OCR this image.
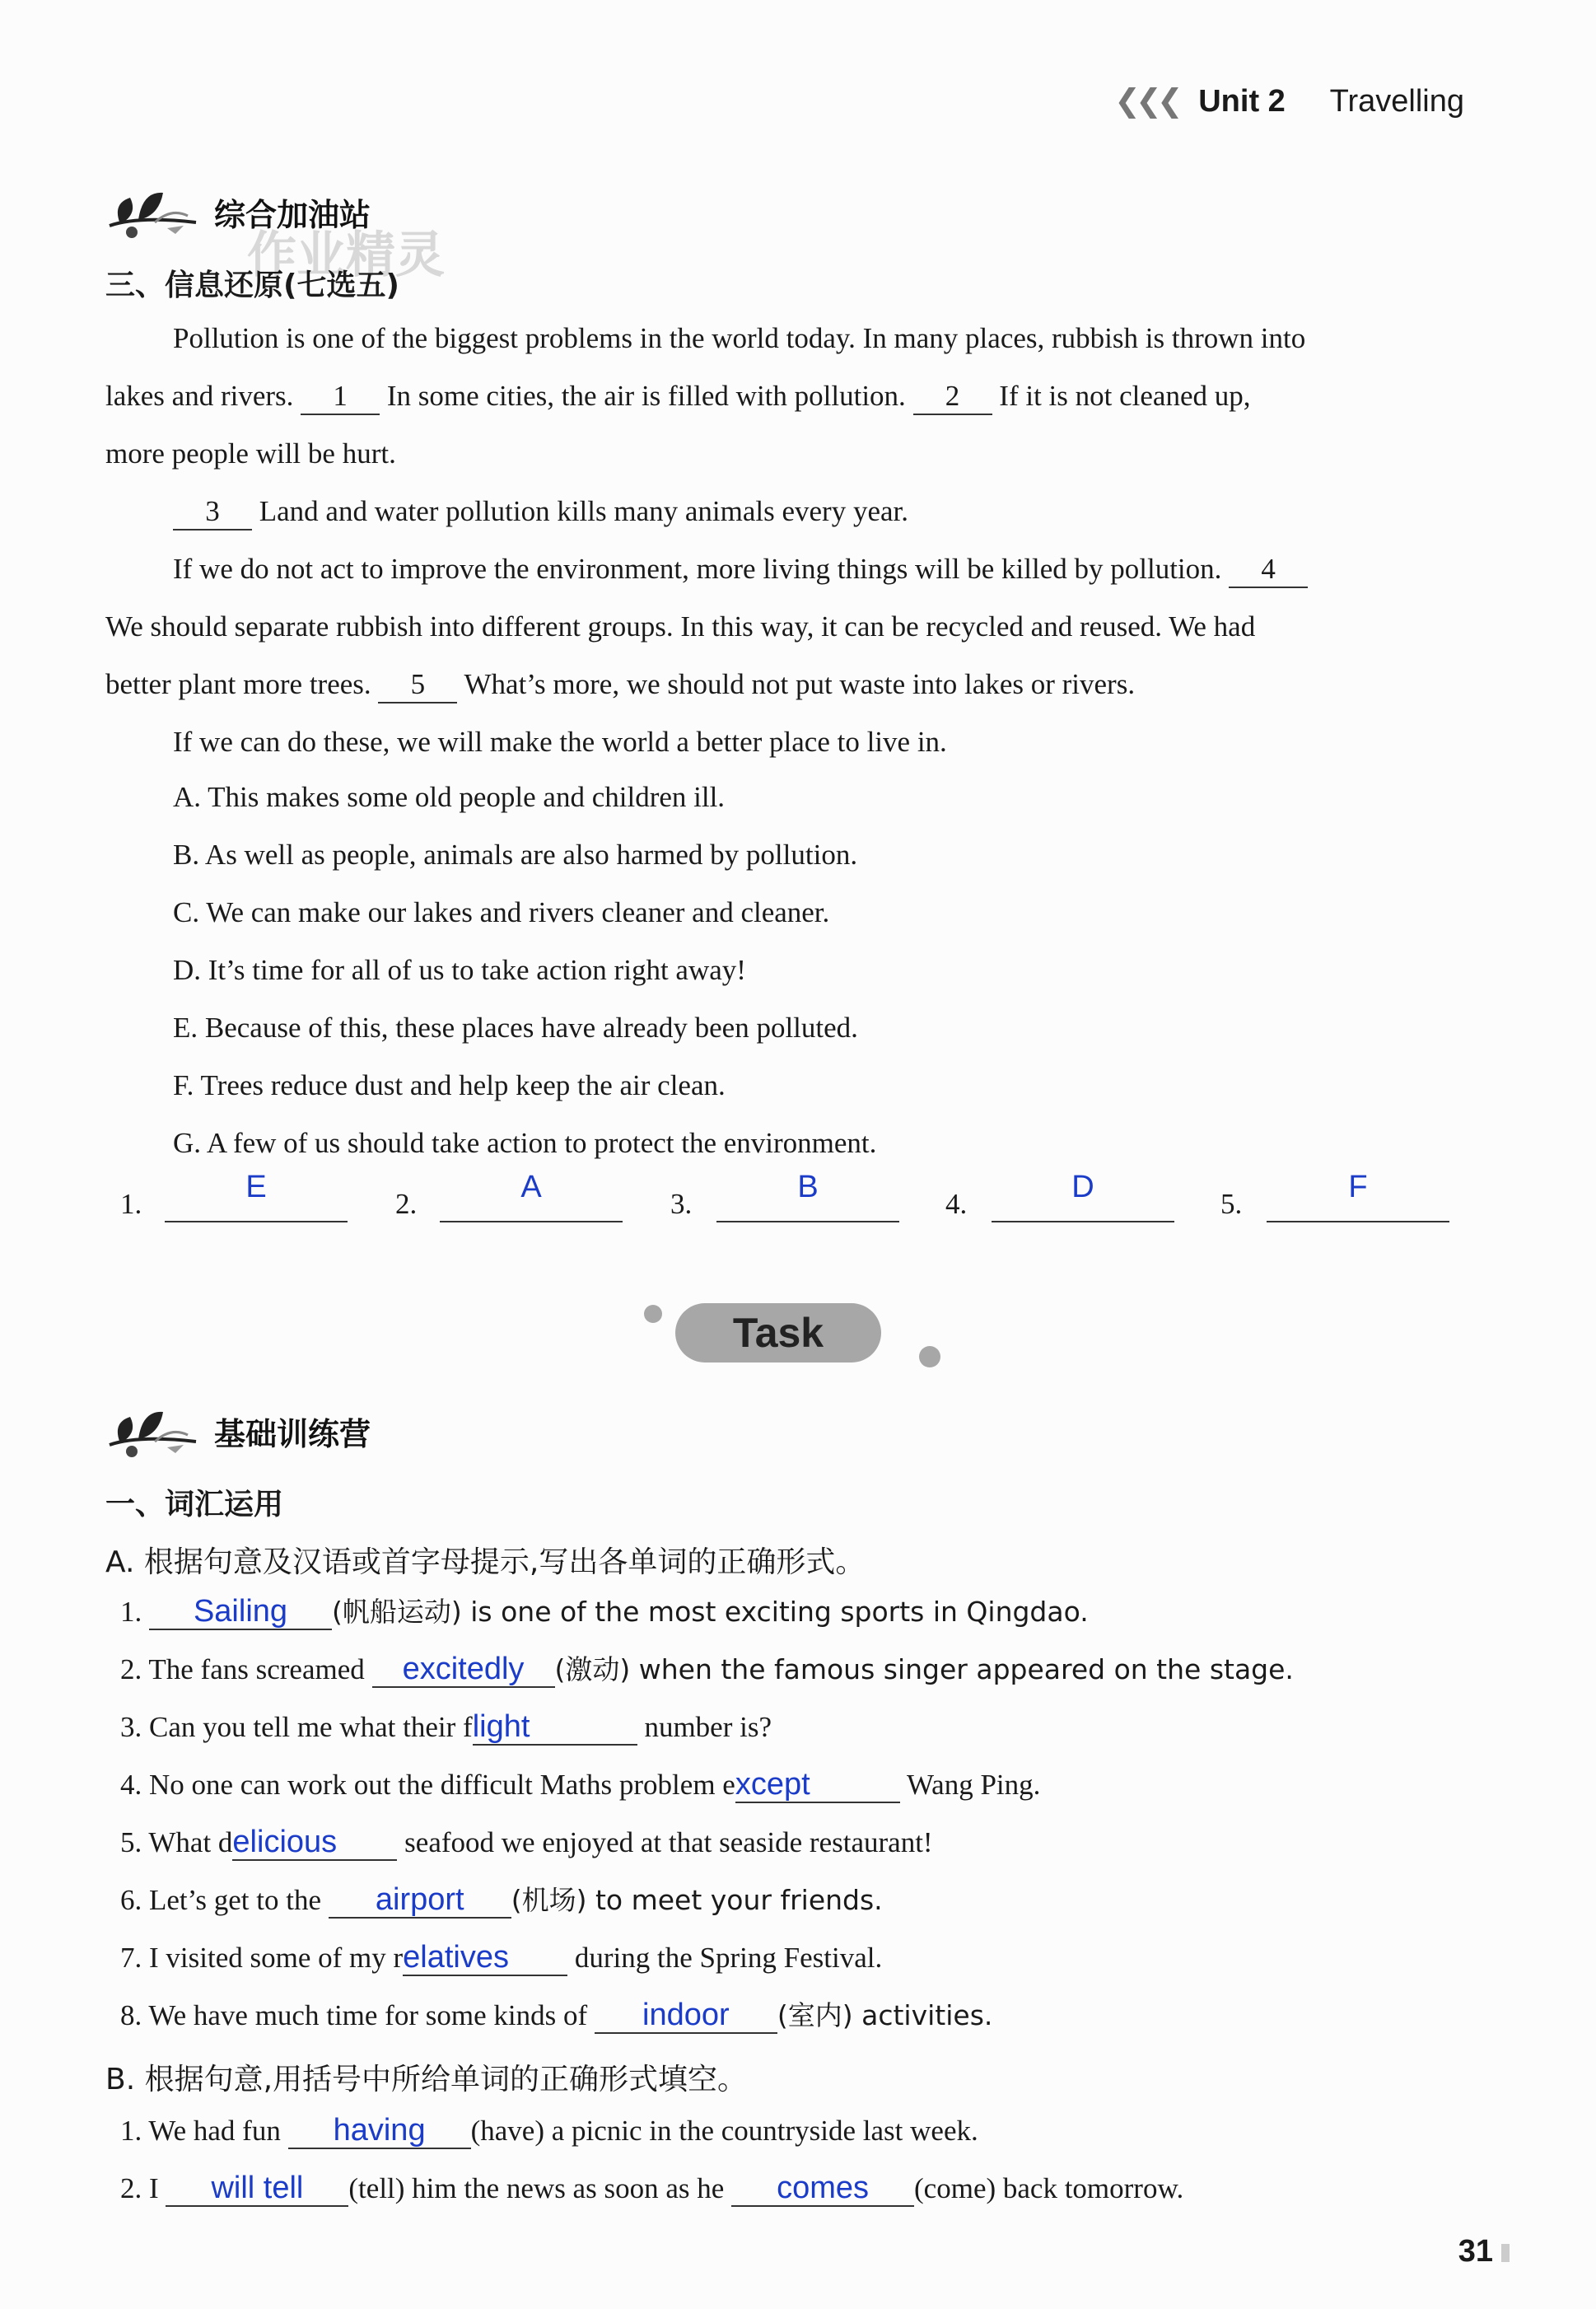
❮❮❮ Unit 2 Travelling
综合加油站
作业精灵
三、信息还原(七选五)
Pollution is one of the biggest problems in the world today. In many places, rubbish is thrown into
lakes and rivers. 1 In some cities, the air is filled with pollution. 2 If it is not cleaned up,
more people will be hurt.
3 Land and water pollution kills many animals every year.
If we do not act to improve the environment, more living things will be killed by pollution. 4
We should separate rubbish into different groups. In this way, it can be recycled and reused. We had
better plant more trees. 5 What’s more, we should not put waste into lakes or rivers.
If we can do these, we will make the world a better place to live in.
A. This makes some old people and children ill.
B. As well as people, animals are also harmed by pollution.
C. We can make our lakes and rivers cleaner and cleaner.
D. It’s time for all of us to take action right away!
E. Because of this, these places have already been polluted.
F. Trees reduce dust and help keep the air clean.
G. A few of us should take action to protect the environment.
1.	E	2.	A	3.	B	4.	D	5.	F
Task
基础训练营
一、词汇运用
A. 根据句意及汉语或首字母提示,写出各单词的正确形式。
1. Sailing (帆船运动) is one of the most exciting sports in Qingdao.
2. The fans screamed excitedly (激动) when the famous singer appeared on the stage.
3. Can you tell me what their flight	number is?
4. No one can work out the difficult Maths problem except	Wang Ping.
5. What delicious seafood we enjoyed at that seaside restaurant!
6. Let’s get to the airport (机场) to meet your friends.
7. I visited some of my relatives during the Spring Festival.
8. We have much time for some kinds of indoor (室内) activities.
B. 根据句意,用括号中所给单词的正确形式填空。
1. We had fun having (have) a picnic in the countryside last week.
2. I will tell (tell) him the news as soon as he comes (come) back tomorrow.
31
